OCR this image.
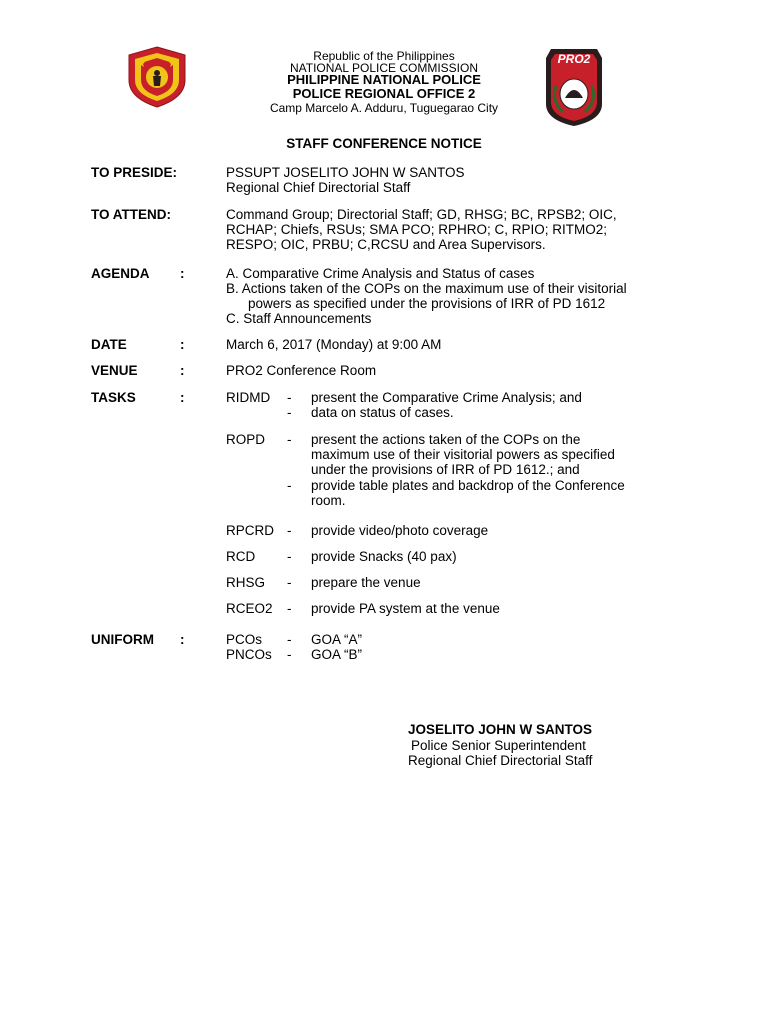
PRO2
Republic of the Philippines
NATIONAL POLICE COMMISSION
PHILIPPINE NATIONAL POLICE
POLICE REGIONAL OFFICE 2
Camp Marcelo A. Adduru, Tuguegarao City
STAFF CONFERENCE NOTICE
TO PRESIDE:	PSSUPT JOSELITO JOHN W SANTOS
Regional Chief Directorial Staff
TO ATTEND:	Command Group; Directorial Staff; GD, RHSG; BC, RPSB2; OIC,
RCHAP; Chiefs, RSUs; SMA PCO; RPHRO; C, RPIO; RITMO2;
RESPO; OIC, PRBU; C,RCSU and Area Supervisors.
AGENDA :	A. Comparative Crime Analysis and Status of cases
B. Actions taken of the COPs on the maximum use of their visitorial
powers as specified under the provisions of IRR of PD 1612
C. Staff Announcements
DATE	:	March 6, 2017 (Monday) at 9:00 AM
VENUE	:	PRO2 Conference Room
TASKS	:	RIDMD - present the Comparative Crime Analysis; and
- data on status of cases.
ROPD - present the actions taken of the COPs on the
maximum use of their visitorial powers as specified
under the provisions of IRR of PD 1612.; and
- provide table plates and backdrop of the Conference
room.
RPCRD - provide video/photo coverage
RCD - provide Snacks (40 pax)
RHSG - prepare the venue
RCEO2 - provide PA system at the venue
UNIFORM :	PCOs - GOA “A”
PNCOs - GOA “B”
JOSELITO JOHN W SANTOS
Police Senior Superintendent
Regional Chief Directorial Staff
